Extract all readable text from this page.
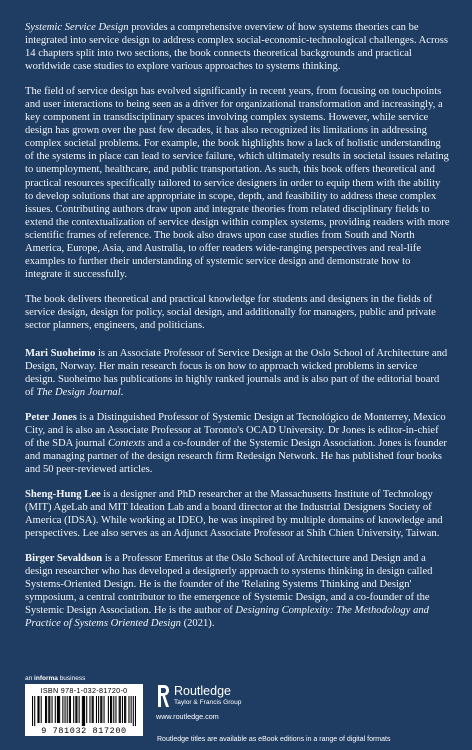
Systemic Service Design provides a comprehensive overview of how systems theories can be integrated into service design to address complex social-economic-technological challenges. Across 14 chapters split into two sections, the book connects theoretical backgrounds and practical worldwide case studies to explore various approaches to systems thinking.

The field of service design has evolved significantly in recent years, from focusing on touchpoints and user interactions to being seen as a driver for organizational transformation and increasingly, a key component in transdisciplinary spaces involving complex systems. However, while service design has grown over the past few decades, it has also recognized its limitations in addressing complex societal problems. For example, the book highlights how a lack of holistic understanding of the systems in place can lead to service failure, which ultimately results in societal issues relating to unemployment, healthcare, and public transportation. As such, this book offers theoretical and practical resources specifically tailored to service designers in order to equip them with the ability to develop solutions that are appropriate in scope, depth, and feasibility to address these complex issues. Contributing authors draw upon and integrate theories from related disciplinary fields to extend the contextualization of service design within complex systems, providing readers with more scientific frames of reference. The book also draws upon case studies from South and North America, Europe, Asia, and Australia, to offer readers wide-ranging perspectives and real-life examples to further their understanding of systemic service design and demonstrate how to integrate it successfully.

The book delivers theoretical and practical knowledge for students and designers in the fields of service design, design for policy, social design, and additionally for managers, public and private sector planners, engineers, and politicians.

Mari Suoheimo is an Associate Professor of Service Design at the Oslo School of Architecture and Design, Norway. Her main research focus is on how to approach wicked problems in service design. Suoheimo has publications in highly ranked journals and is also part of the editorial board of The Design Journal.

Peter Jones is a Distinguished Professor of Systemic Design at Tecnológico de Monterrey, Mexico City, and is also an Associate Professor at Toronto's OCAD University. Dr Jones is editor-in-chief of the SDA journal Contexts and a co-founder of the Systemic Design Association. Jones is founder and managing partner of the design research firm Redesign Network. He has published four books and 50 peer-reviewed articles.

Sheng-Hung Lee is a designer and PhD researcher at the Massachusetts Institute of Technology (MIT) AgeLab and MIT Ideation Lab and a board director at the Industrial Designers Society of America (IDSA). While working at IDEO, he was inspired by multiple domains of knowledge and perspectives. Lee also serves as an Adjunct Associate Professor at Shih Chien University, Taiwan.

Birger Sevaldson is a Professor Emeritus at the Oslo School of Architecture and Design and a design researcher who has developed a designerly approach to systems thinking in design called Systems-Oriented Design. He is the founder of the 'Relating Systems Thinking and Design' symposium, a central contributor to the emergence of Systemic Design, and a co-founder of the Systemic Design Association. He is the author of Designing Complexity: The Methodology and Practice of Systems Oriented Design (2021).

an informa business
ISBN 978-1-032-81720-0
9 781032 817200
Routledge
Taylor & Francis Group
www.routledge.com
Routledge titles are available as eBook editions in a range of digital formats
